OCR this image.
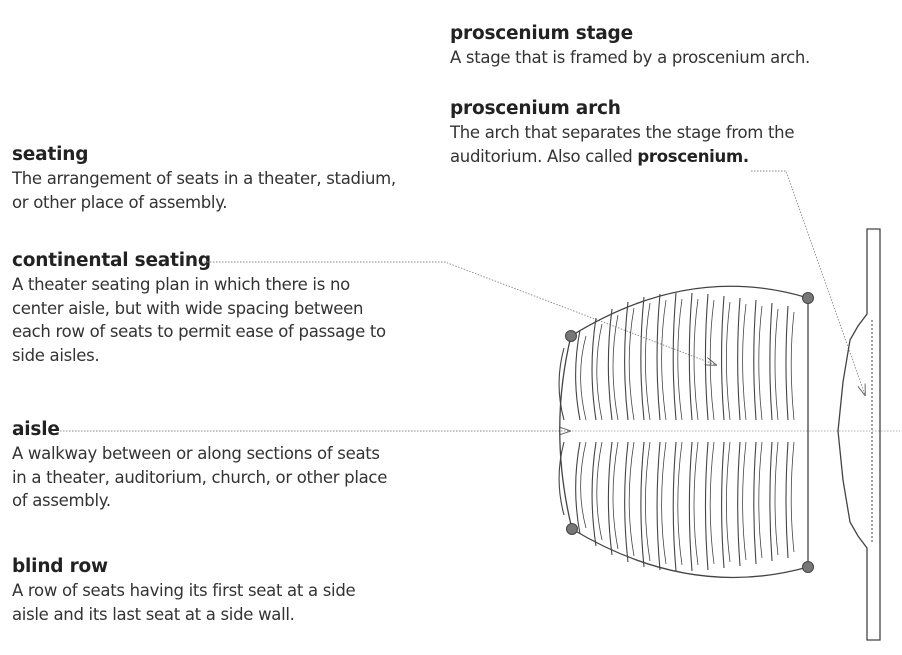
proscenium stage
A stage that is framed by a proscenium arch.
proscenium arch
The arch that separates the stage from the
auditorium. Also called proscenium.
seating
The arrangement of seats in a theater, stadium, or other place of assembly.
continental seating
A theater seating plan in which there is no center aisle, but with wide spacing between each row of seats to permit ease of passage to side aisles.
aisle
A walkway between or along sections of seats in a theater, auditorium, church, or other place of assembly.
blind row
A row of seats having its first seat at a side aisle and its last seat at a side wall.
